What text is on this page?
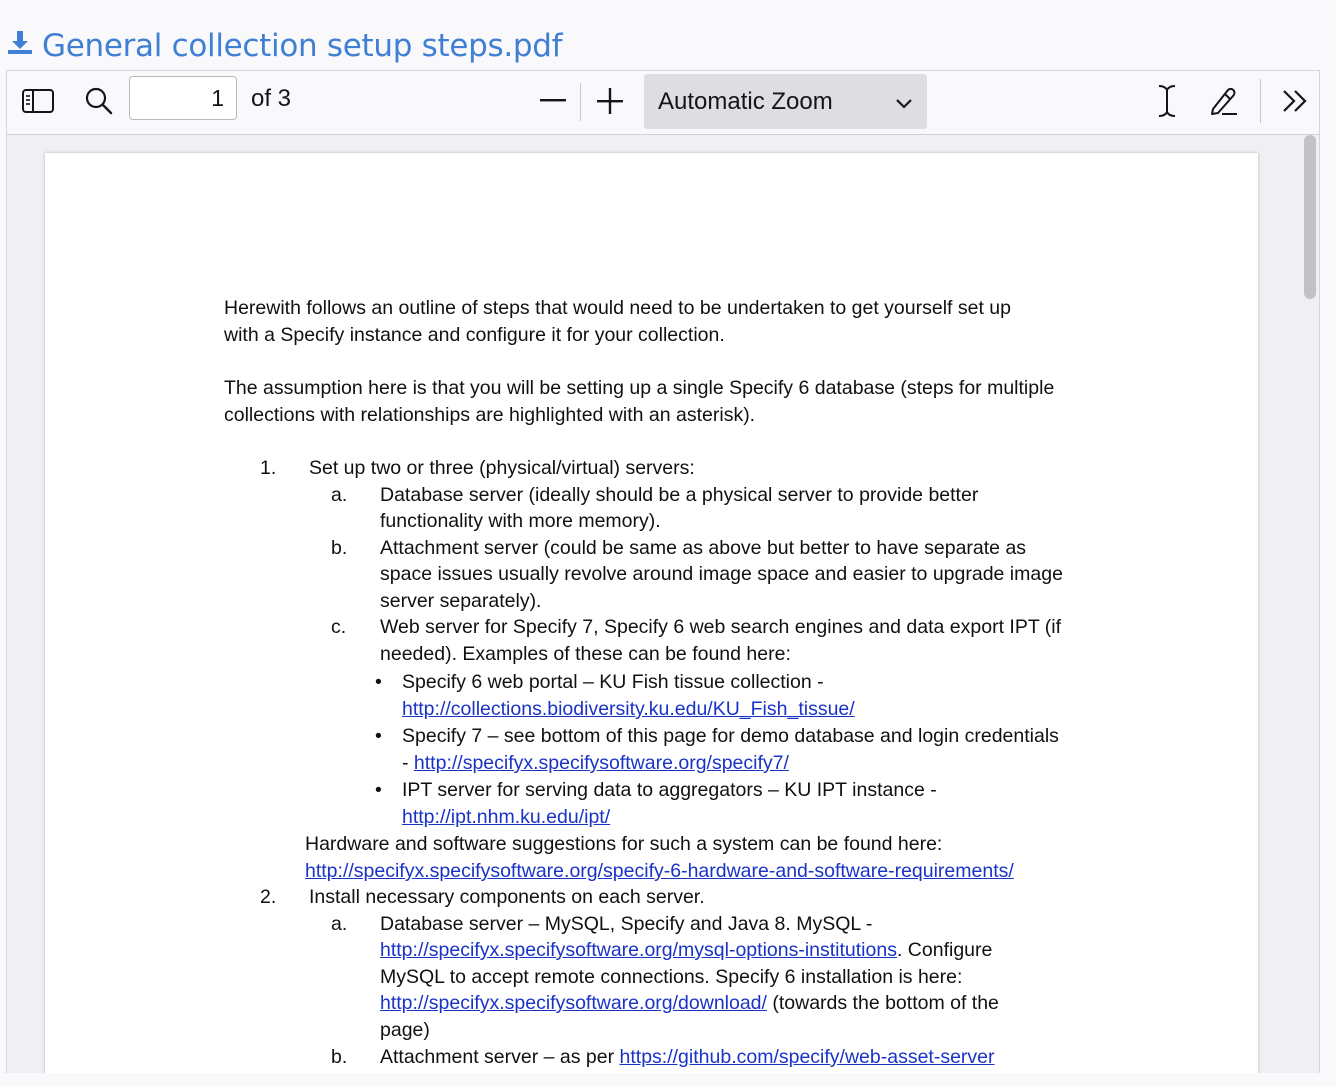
General collection setup steps.pdf
1
of 3	Automatic Zoom
Herewith follows an outline of steps that would need to be undertaken to get yourself set up
with a Specify instance and configure it for your collection.
The assumption here is that you will be setting up a single Specify 6 database (steps for multiple
collections with relationships are highlighted with an asterisk).
1. Set up two or three (physical/virtual) servers:
a. Database server (ideally should be a physical server to provide better
functionality with more memory).
b. Attachment server (could be same as above but better to have separate as
space issues usually revolve around image space and easier to upgrade image
server separately).
c. Web server for Specify 7, Specify 6 web search engines and data export IPT (if
needed). Examples of these can be found here:
• Specify 6 web portal – KU Fish tissue collection -
http://collections.biodiversity.ku.edu/KU_Fish_tissue/
• Specify 7 – see bottom of this page for demo database and login credentials
- http://specifyx.specifysoftware.org/specify7/
• IPT server for serving data to aggregators – KU IPT instance -
http://ipt.nhm.ku.edu/ipt/
Hardware and software suggestions for such a system can be found here:
http://specifyx.specifysoftware.org/specify-6-hardware-and-software-requirements/
2. Install necessary components on each server.
a. Database server – MySQL, Specify and Java 8. MySQL -
http://specifyx.specifysoftware.org/mysql-options-institutions. Configure
MySQL to accept remote connections. Specify 6 installation is here:
http://specifyx.specifysoftware.org/download/ (towards the bottom of the
page)
b. Attachment server – as per https://github.com/specify/web-asset-server
